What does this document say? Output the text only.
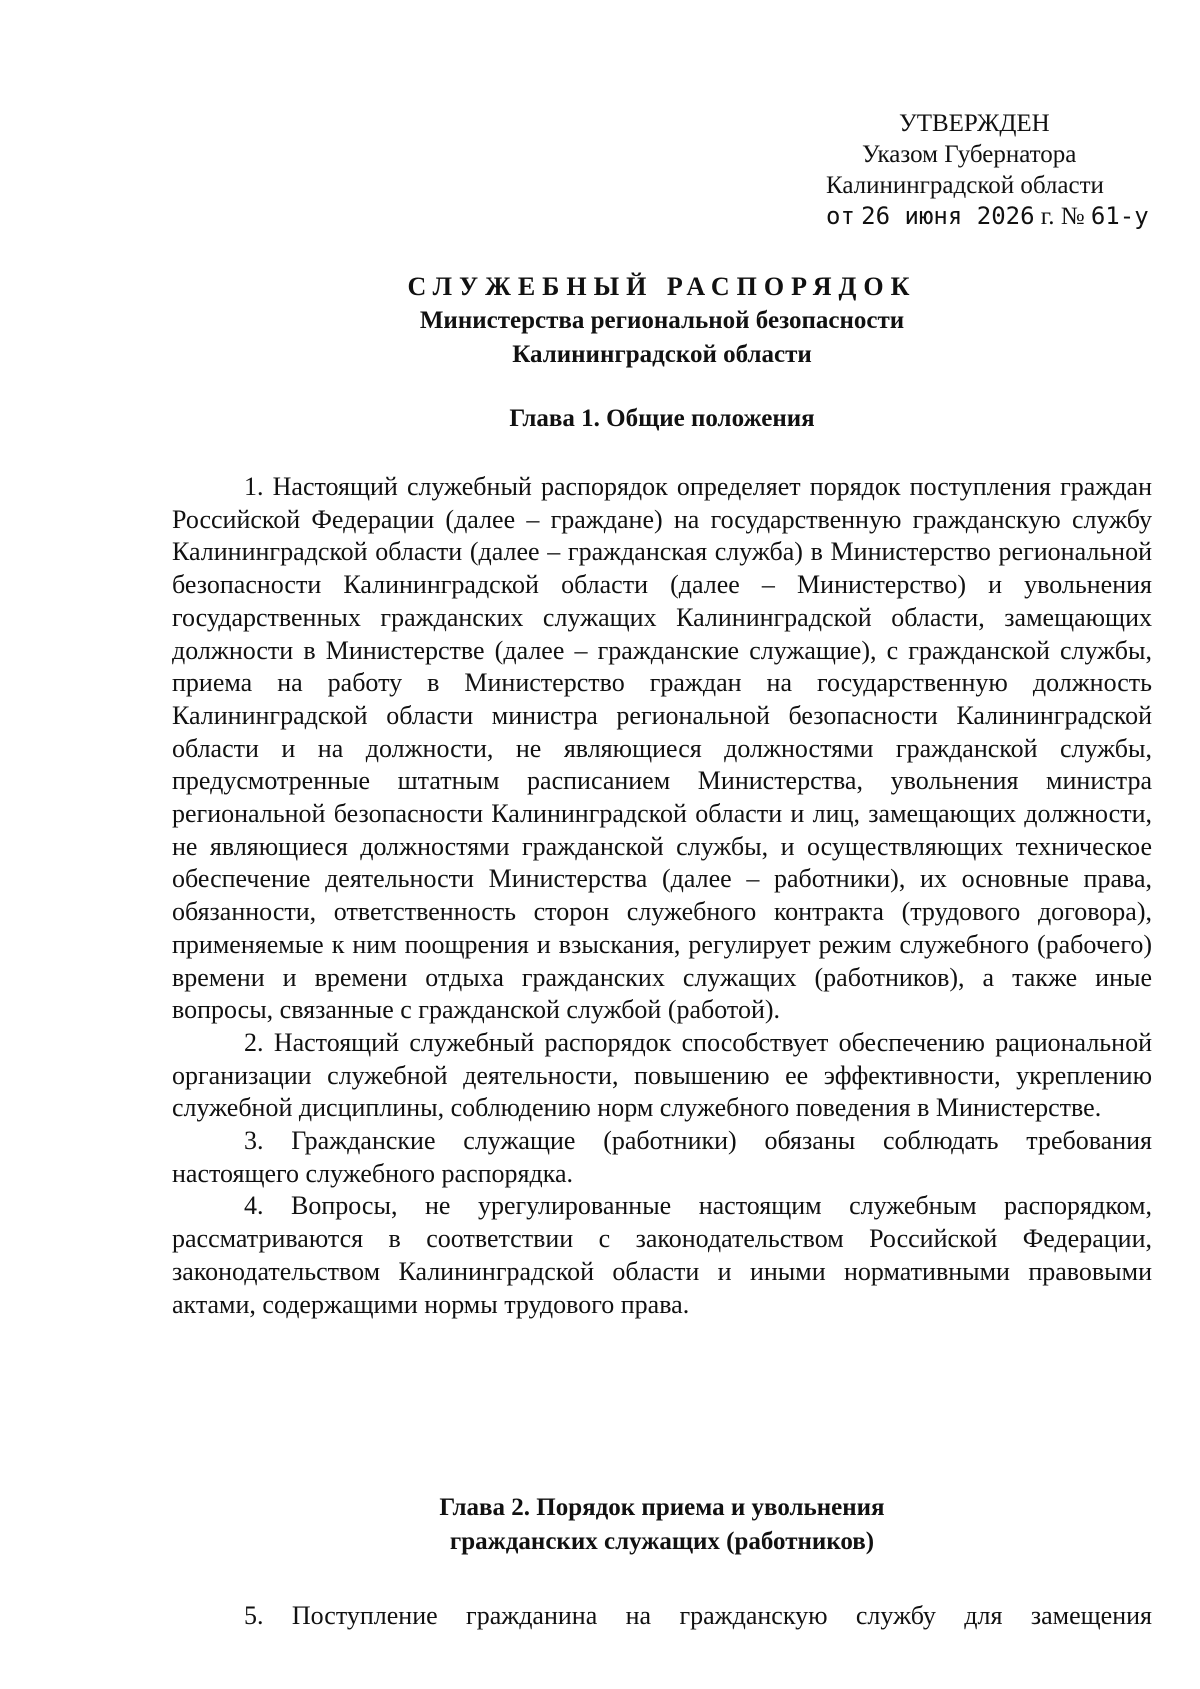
УТВЕРЖДЕН
Указом Губернатора
Калининградской области
от 26 июня 2026 г. № 61-у
СЛУЖЕБНЫЙ РАСПОРЯДОК
Министерства региональной безопасности
Калининградской области
Глава 1. Общие положения

1. Настоящий служебный распорядок определяет порядок поступления граждан Российской Федерации (далее – граждане) на государственную гражданскую службу Калининградской области (далее – гражданская служба) в Министерство региональной безопасности Калининградской области (далее – Министерство) и увольнения государственных гражданских служащих Калининградской области, замещающих должности в Министерстве (далее – гражданские служащие), с гражданской службы, приема на работу в Министерство граждан на государственную должность Калининградской области министра региональной безопасности Калининградской области и на должности, не являющиеся должностями гражданской службы, предусмотренные штатным расписанием Министерства, увольнения министра региональной безопасности Калининградской области и лиц, замещающих должности, не являющиеся должностями гражданской службы, и осуществляющих техническое обеспечение деятельности Министерства (далее – работники), их основные права, обязанности, ответственность сторон служебного контракта (трудового договора), применяемые к ним поощрения и взыскания, регулирует режим служебного (рабочего) времени и времени отдыха гражданских служащих (работников), а также иные вопросы, связанные с гражданской службой (работой).

2. Настоящий служебный распорядок способствует обеспечению рациональной организации служебной деятельности, повышению ее эффективности, укреплению служебной дисциплины, соблюдению норм служебного поведения в Министерстве.

3. Гражданские служащие (работники) обязаны соблюдать требования настоящего служебного распорядка.

4. Вопросы, не урегулированные настоящим служебным распорядком, рассматриваются в соответствии с законодательством Российской Федерации, законодательством Калининградской области и иными нормативными правовыми актами, содержащими нормы трудового права.

Глава 2. Порядок приема и увольнения
гражданских служащих (работников)

5. Поступление гражданина на гражданскую службу для замещения
